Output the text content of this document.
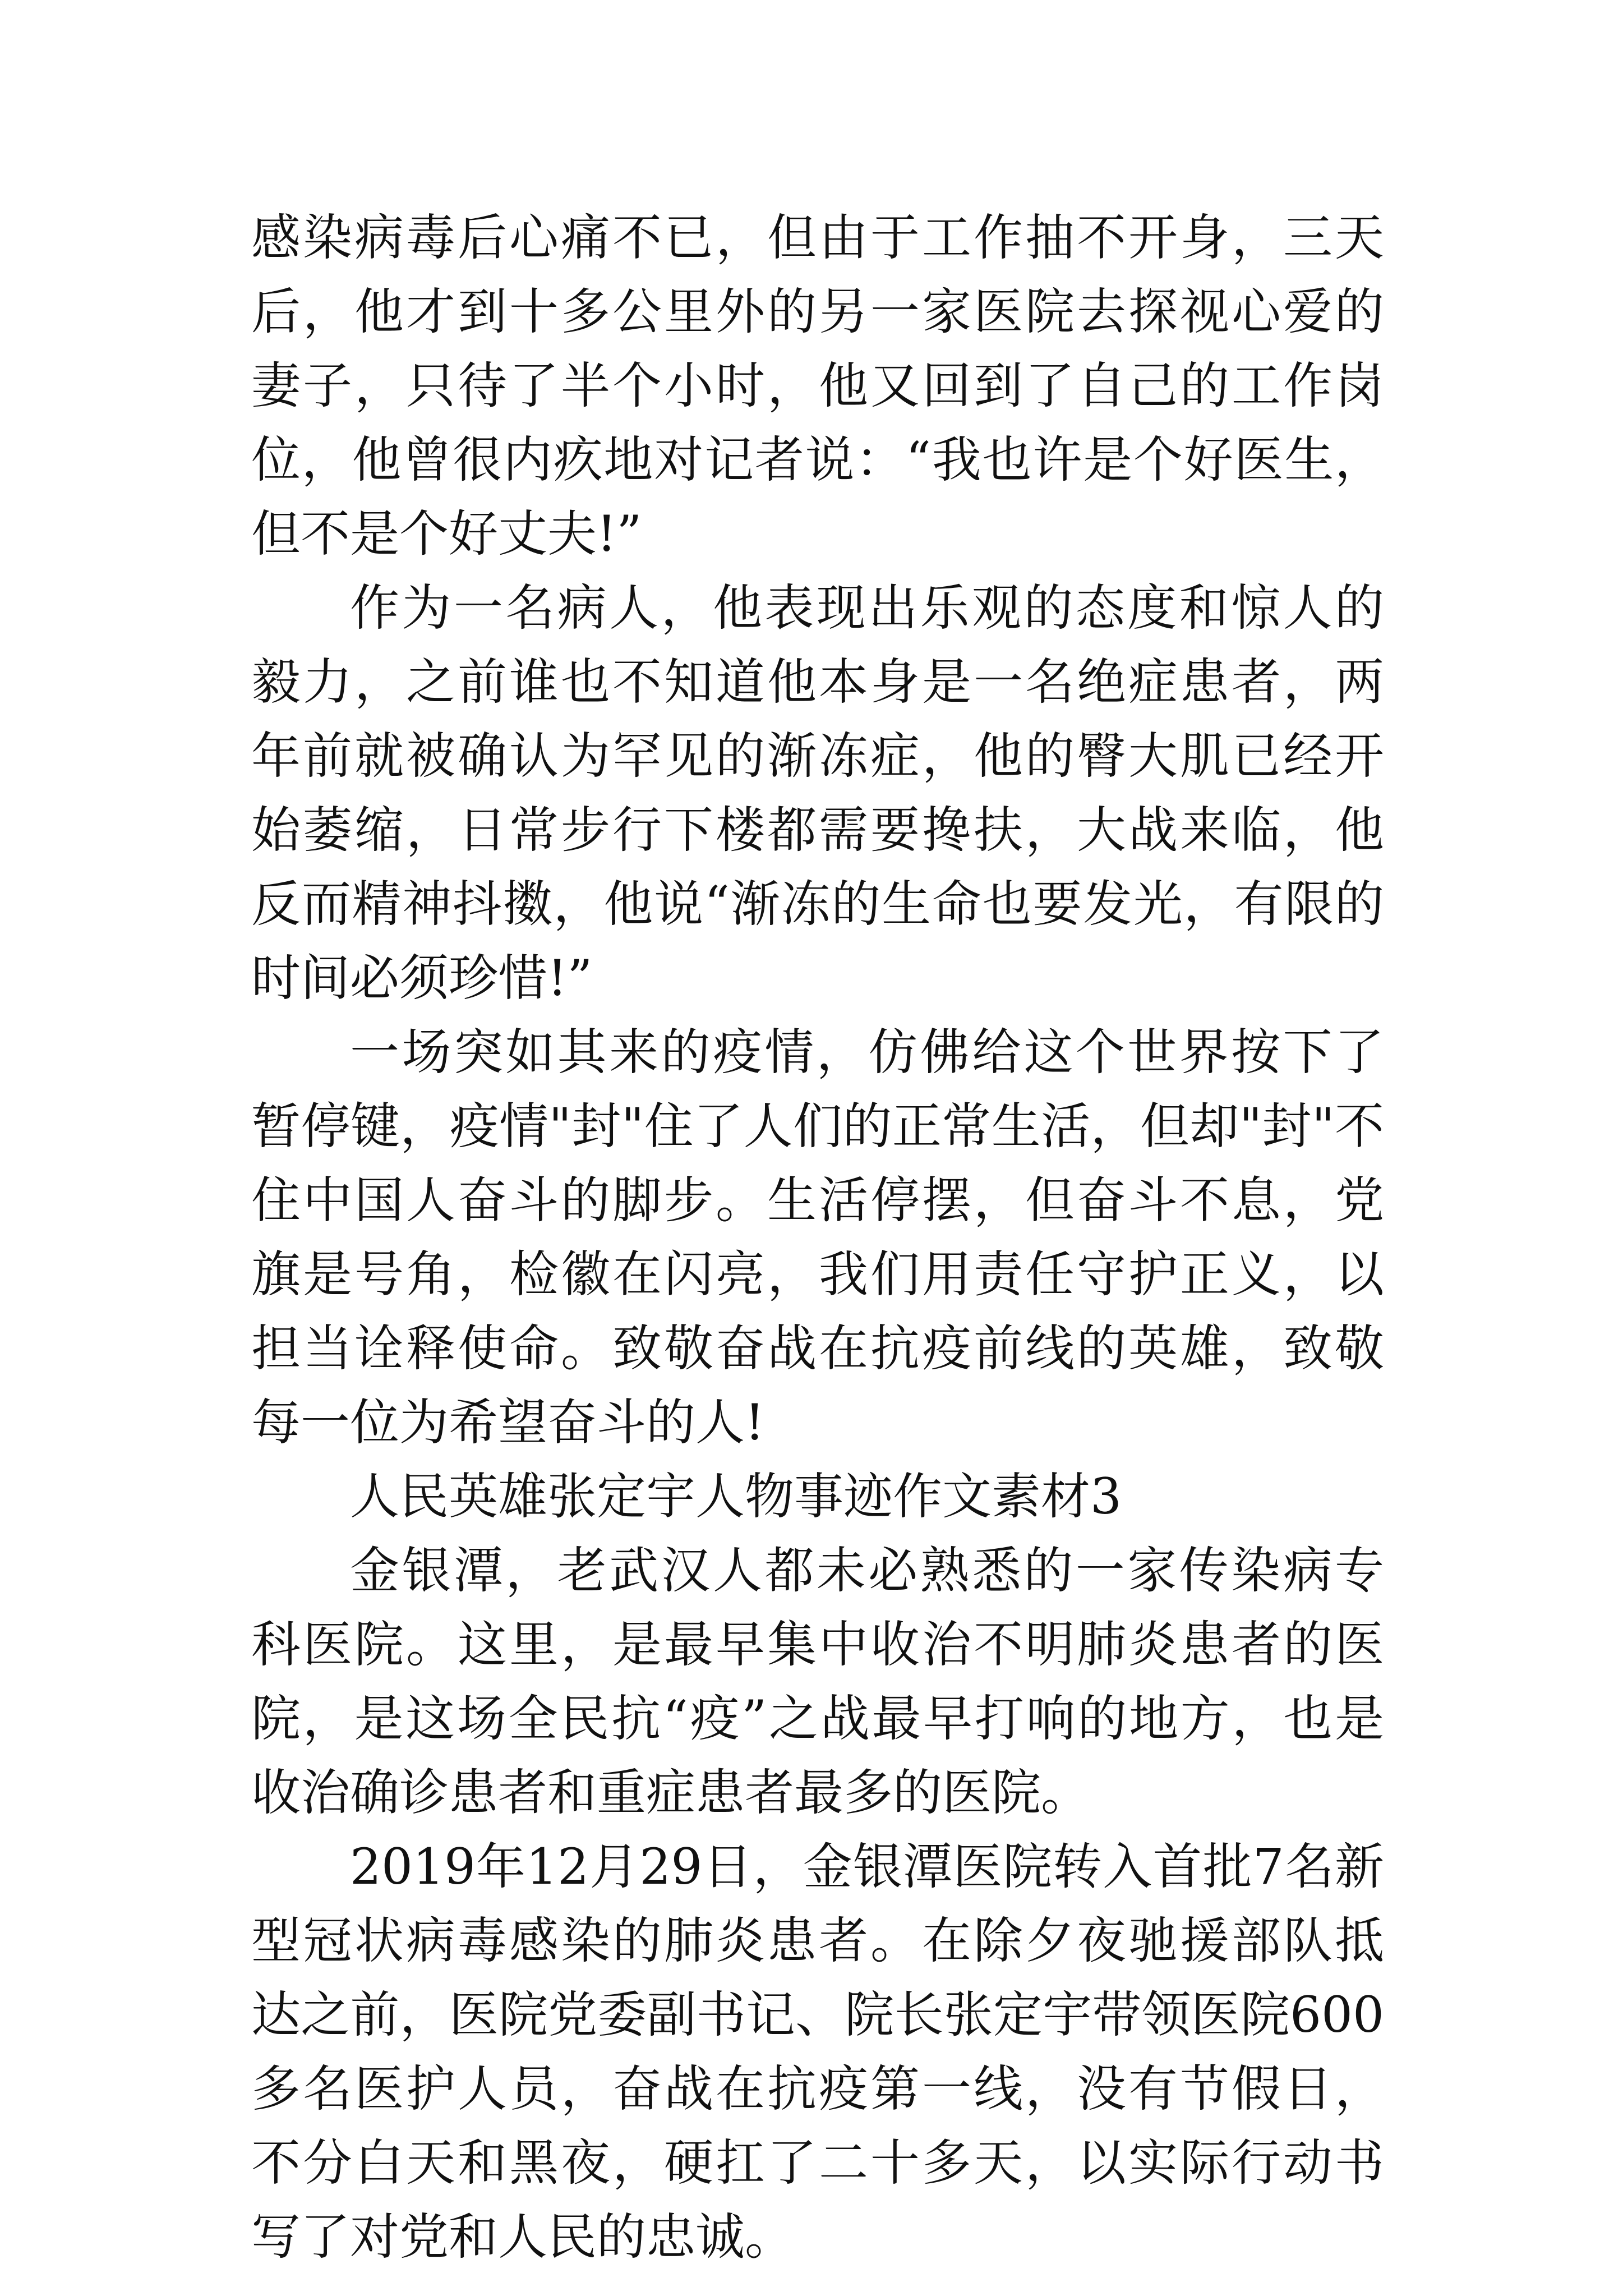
感染病毒后心痛不已，但由于工作抽不开身，三天后，他才到十多公里外的另一家医院去探视心爱的妻子，只待了半个小时，他又回到了自己的工作岗位，他曾很内疚地对记者说：“我也许是个好医生，但不是个好丈夫!”

作为一名病人，他表现出乐观的态度和惊人的毅力，之前谁也不知道他本身是一名绝症患者，两年前就被确认为罕见的渐冻症，他的臀大肌已经开始萎缩，日常步行下楼都需要搀扶，大战来临，他反而精神抖擞，他说“渐冻的生命也要发光，有限的时间必须珍惜!”

一场突如其来的疫情，仿佛给这个世界按下了暂停键，疫情"封"住了人们的正常生活，但却"封"不住中国人奋斗的脚步。生活停摆，但奋斗不息，党旗是号角，检徽在闪亮，我们用责任守护正义，以担当诠释使命。致敬奋战在抗疫前线的英雄，致敬每一位为希望奋斗的人!

人民英雄张定宇人物事迹作文素材3

金银潭，老武汉人都未必熟悉的一家传染病专科医院。这里，是最早集中收治不明肺炎患者的医院，是这场全民抗“疫”之战最早打响的地方，也是收治确诊患者和重症患者最多的医院。

2019年12月29日，金银潭医院转入首批7名新型冠状病毒感染的肺炎患者。在除夕夜驰援部队抵达之前，医院党委副书记、院长张定宇带领医院600多名医护人员，奋战在抗疫第一线，没有节假日，不分白天和黑夜，硬扛了二十多天，以实际行动书写了对党和人民的忠诚。
